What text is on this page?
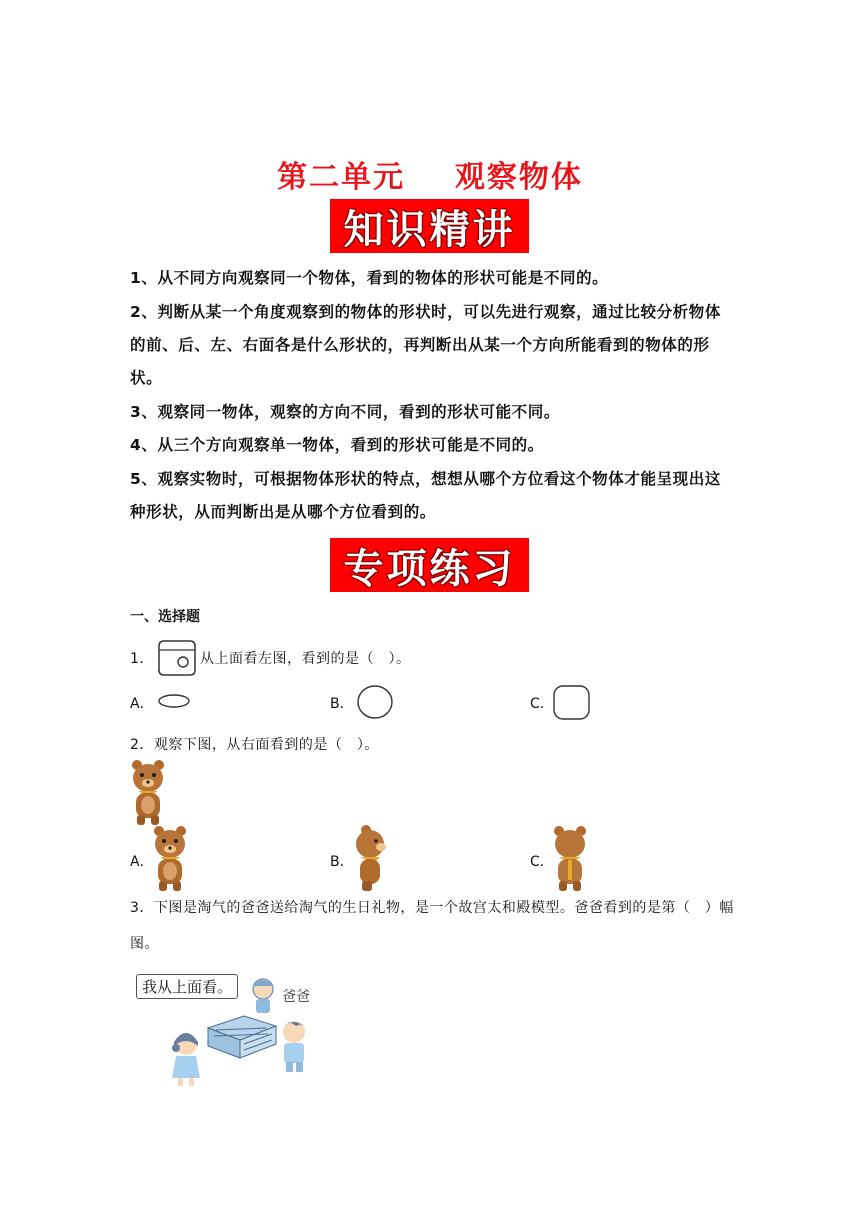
第二单元    观察物体
知识精讲
1、从不同方向观察同一个物体，看到的物体的形状可能是不同的。
2、判断从某一个角度观察到的物体的形状时，可以先进行观察，通过比较分析物体的前、后、左、右面各是什么形状的，再判断出从某一个方向所能看到的物体的形状。
3、观察同一物体，观察的方向不同，看到的形状可能不同。
4、从三个方向观察单一物体，看到的形状可能是不同的。
5、观察实物时，可根据物体形状的特点，想想从哪个方位看这个物体才能呈现出这种形状，从而判断出是从哪个方位看到的。
专项练习
一、选择题
1．	从上面看左图，看到的是（　）。
A．	B．	C．
2．观察下图，从右面看到的是（　）。
A．	B．	C．
3．下图是淘气的爸爸送给淘气的生日礼物，是一个故宫太和殿模型。爸爸看到的是第（　）幅图。
我从上面看。
爸爸
